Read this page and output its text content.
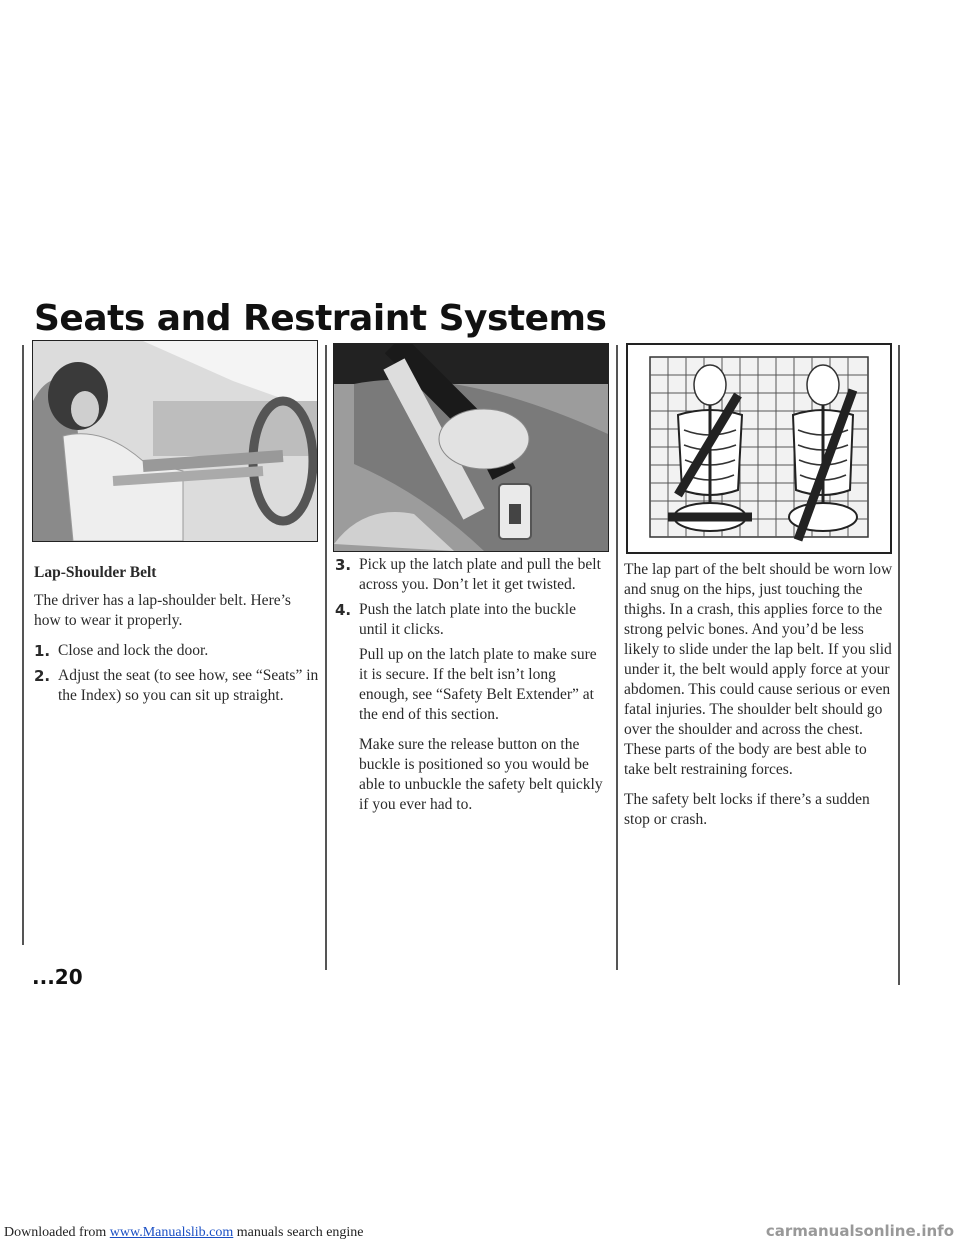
Seats and Restraint Systems
Lap-Shoulder Belt

The driver has a lap-shoulder belt. Here’s how to wear it properly.

1. Close and lock the door.
2. Adjust the seat (to see how, see “Seats” in the Index) so you can sit up straight.
3. Pick up the latch plate and pull the belt across you. Don’t let it get twisted.
4. Push the latch plate into the buckle until it clicks.

Pull up on the latch plate to make sure it is secure. If the belt isn’t long enough, see “Safety Belt Extender” at the end of this section.

Make sure the release button on the buckle is positioned so you would be able to unbuckle the safety belt quickly if you ever had to.

The lap part of the belt should be worn low and snug on the hips, just touching the thighs. In a crash, this applies force to the strong pelvic bones. And you’d be less likely to slide under the lap belt. If you slid under it, the belt would apply force at your abdomen. This could cause serious or even fatal injuries. The shoulder belt should go over the shoulder and across the chest. These parts of the body are best able to take belt restraining forces.

The safety belt locks if there’s a sudden stop or crash.

...20
Downloaded from www.Manualslib.com manuals search engine	carmanualsonline.info
